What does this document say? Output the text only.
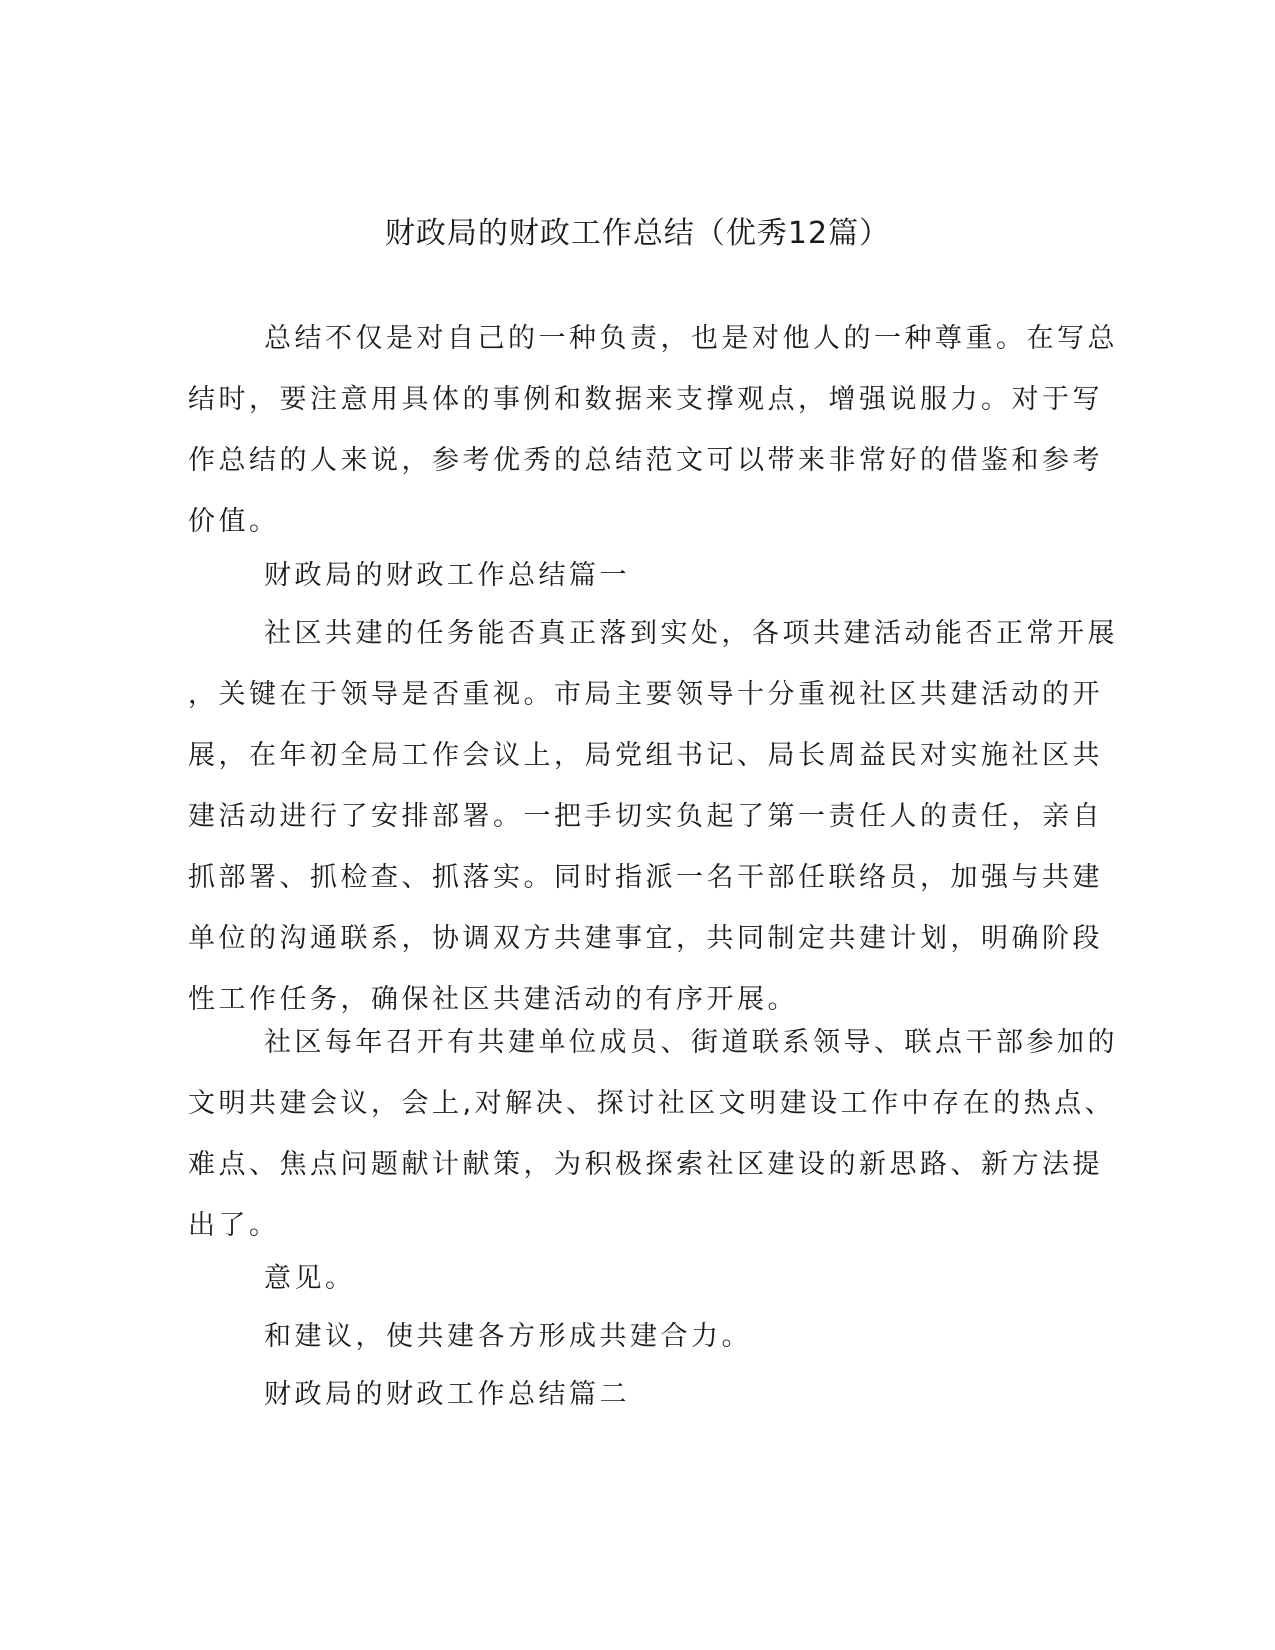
财政局的财政工作总结（优秀12篇）

总结不仅是对自己的一种负责，也是对他人的一种尊重。在写总
结时，要注意用具体的事例和数据来支撑观点，增强说服力。对于写
作总结的人来说，参考优秀的总结范文可以带来非常好的借鉴和参考
价值。

财政局的财政工作总结篇一

社区共建的任务能否真正落到实处，各项共建活动能否正常开展
，关键在于领导是否重视。市局主要领导十分重视社区共建活动的开
展，在年初全局工作会议上，局党组书记、局长周益民对实施社区共
建活动进行了安排部署。一把手切实负起了第一责任人的责任，亲自
抓部署、抓检查、抓落实。同时指派一名干部任联络员，加强与共建
单位的沟通联系，协调双方共建事宜，共同制定共建计划，明确阶段
性工作任务，确保社区共建活动的有序开展。

社区每年召开有共建单位成员、街道联系领导、联点干部参加的
文明共建会议，会上,对解决、探讨社区文明建设工作中存在的热点、
难点、焦点问题献计献策，为积极探索社区建设的新思路、新方法提
出了。

意见。

和建议，使共建各方形成共建合力。

财政局的财政工作总结篇二
